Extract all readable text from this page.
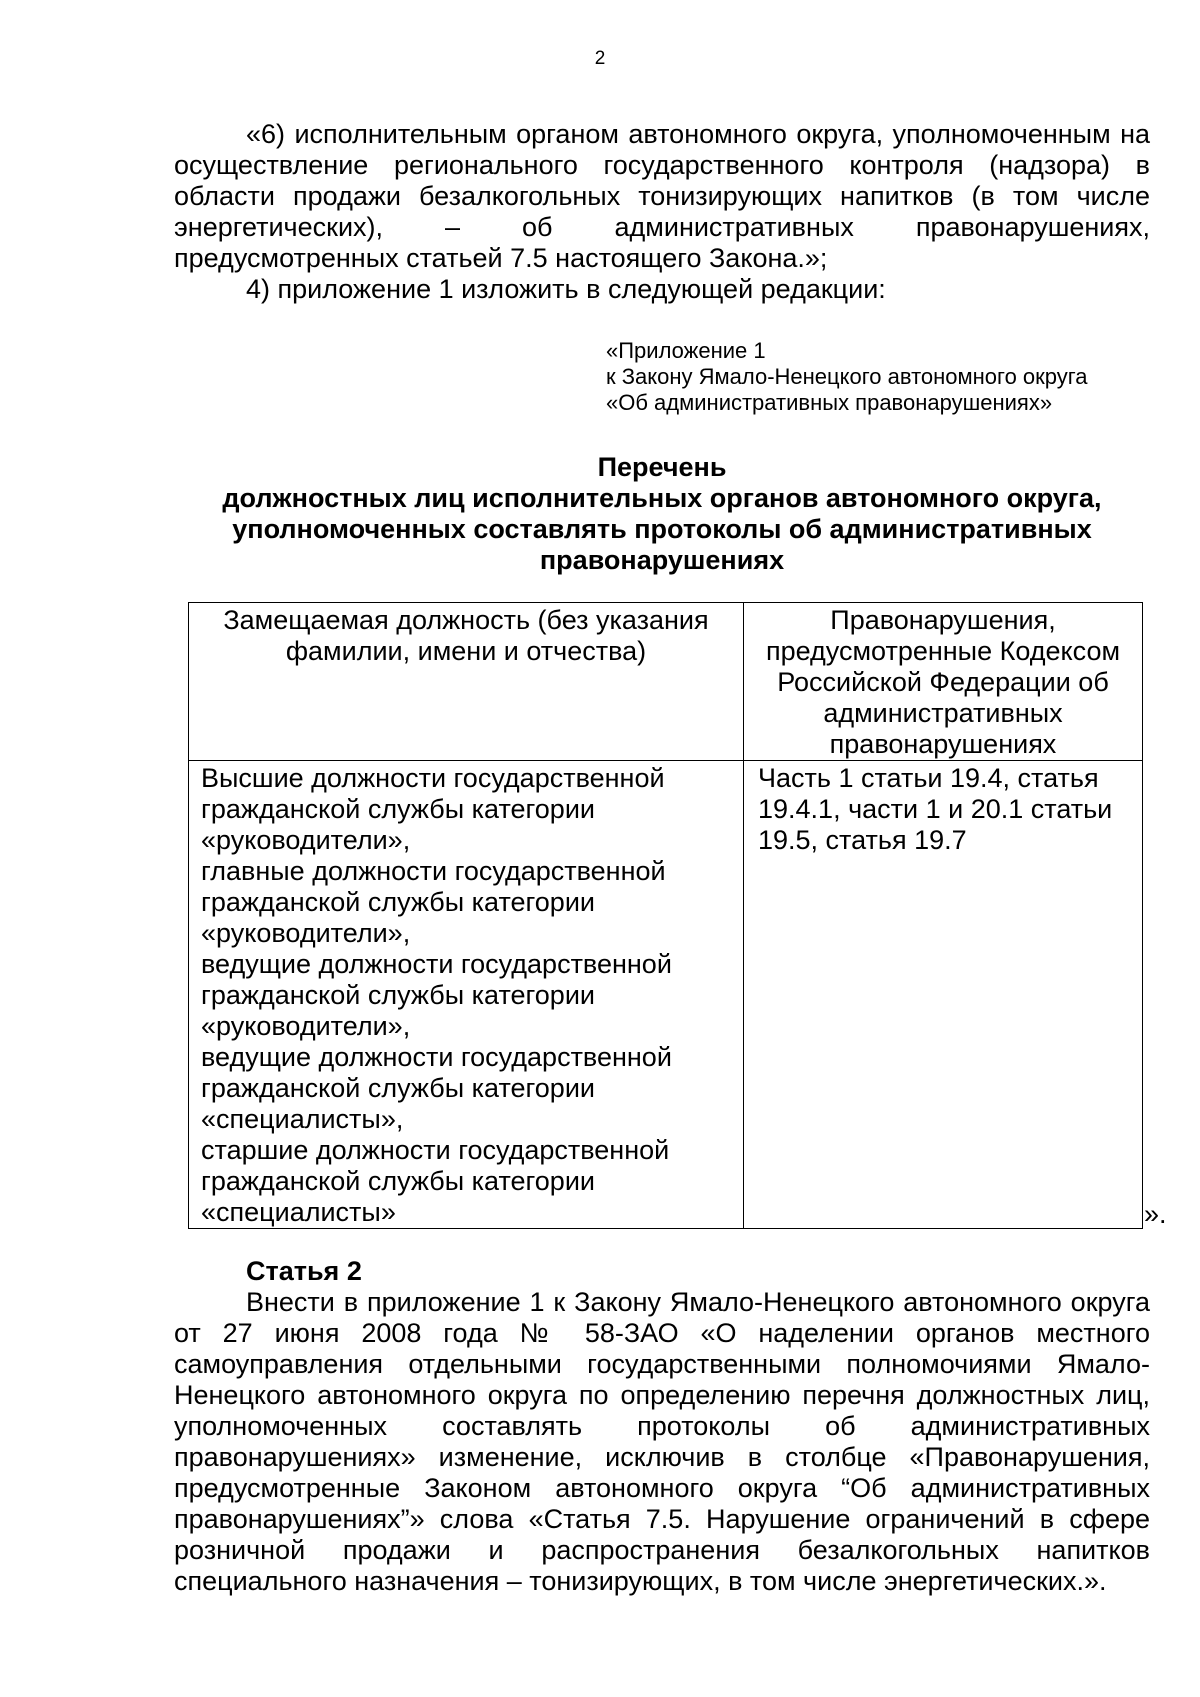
2

«6) исполнительным органом автономного округа, уполномоченным на осуществление регионального государственного контроля (надзора) в области продажи безалкогольных тонизирующих напитков (в том числе энергетических), – об административных правонарушениях, предусмотренных статьей 7.5 настоящего Закона.»;

4) приложение 1 изложить в следующей редакции:

«Приложение 1
к Закону Ямало-Ненецкого автономного округа
«Об административных правонарушениях»
Перечень
должностных лиц исполнительных органов автономного округа,
уполномоченных составлять протоколы об административных
правонарушениях
Замещаемая должность (без указания фамилии, имени и отчества)	Правонарушения, предусмотренные Кодексом Российской Федерации об административных правонарушениях

Высшие должности государственной гражданской службы категории «руководители»,
главные должности государственной гражданской службы категории «руководители»,
ведущие должности государственной гражданской службы категории «руководители»,
ведущие должности государственной гражданской службы категории «специалисты»,
старшие должности государственной гражданской службы категории «специалисты»	Часть 1 статьи 19.4, статья 19.4.1, части 1 и 20.1 статьи 19.5, статья 19.7
».

Статья 2

Внести в приложение 1 к Закону Ямало-Ненецкого автономного округа от 27 июня 2008 года № 58-ЗАО «О наделении органов местного самоуправления отдельными государственными полномочиями Ямало-Ненецкого автономного округа по определению перечня должностных лиц, уполномоченных составлять протоколы об административных правонарушениях» изменение, исключив в столбце «Правонарушения, предусмотренные Законом автономного округа “Об административных правонарушениях”» слова «Статья 7.5. Нарушение ограничений в сфере розничной продажи и распространения безалкогольных напитков специального назначения – тонизирующих, в том числе энергетических.».
